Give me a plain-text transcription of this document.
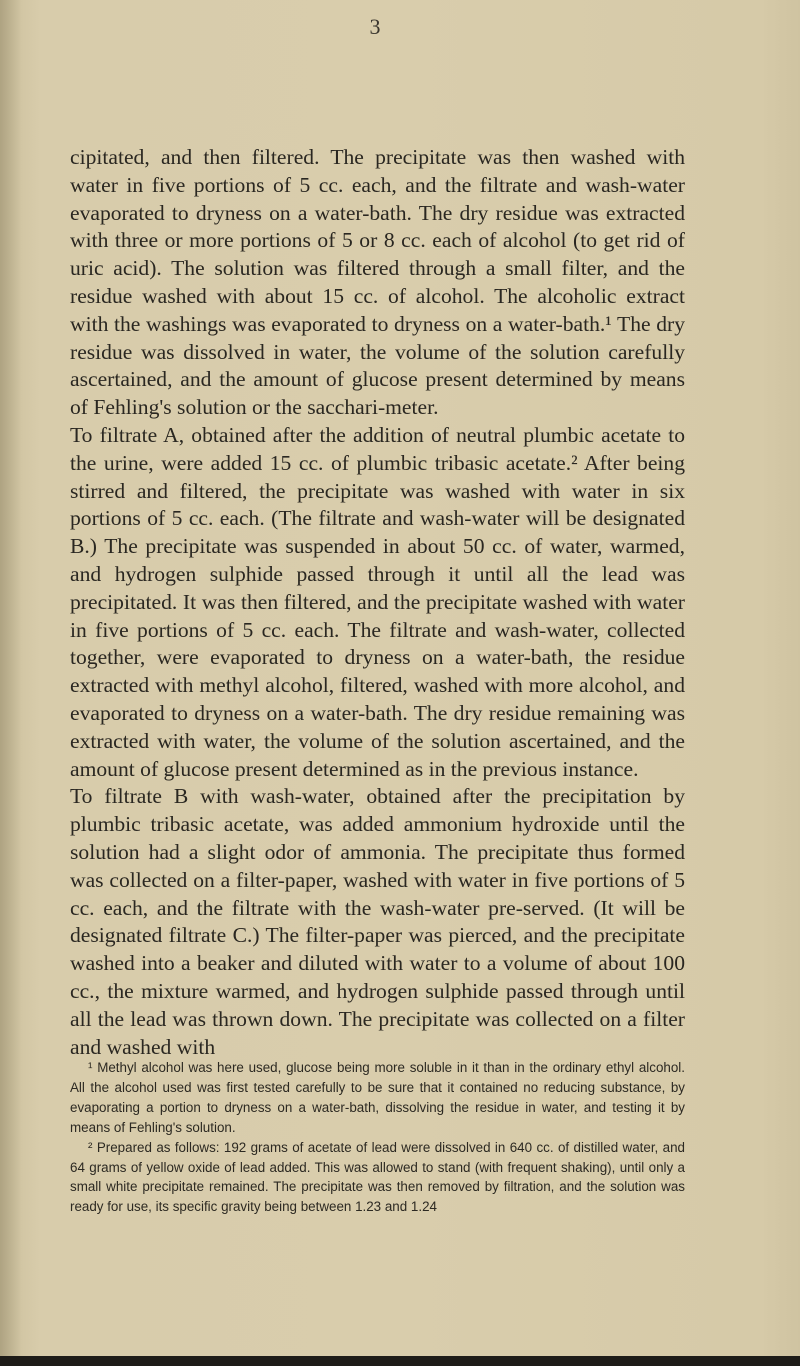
3

cipitated, and then filtered. The precipitate was then washed with water in five portions of 5 cc. each, and the filtrate and wash-water evaporated to dryness on a water-bath. The dry residue was extracted with three or more portions of 5 or 8 cc. each of alcohol (to get rid of uric acid). The solution was filtered through a small filter, and the residue washed with about 15 cc. of alcohol. The alcoholic extract with the washings was evaporated to dryness on a water-bath.¹ The dry residue was dissolved in water, the volume of the solution carefully ascertained, and the amount of glucose present determined by means of Fehling's solution or the sacchari-meter.

To filtrate A, obtained after the addition of neutral plumbic acetate to the urine, were added 15 cc. of plumbic tribasic acetate.² After being stirred and filtered, the precipitate was washed with water in six portions of 5 cc. each. (The filtrate and wash-water will be designated B.) The precipitate was suspended in about 50 cc. of water, warmed, and hydrogen sulphide passed through it until all the lead was precipitated. It was then filtered, and the precipitate washed with water in five portions of 5 cc. each. The filtrate and wash-water, collected together, were evaporated to dryness on a water-bath, the residue extracted with methyl alcohol, filtered, washed with more alcohol, and evaporated to dryness on a water-bath. The dry residue remaining was extracted with water, the volume of the solution ascertained, and the amount of glucose present determined as in the previous instance.

To filtrate B with wash-water, obtained after the precipitation by plumbic tribasic acetate, was added ammonium hydroxide until the solution had a slight odor of ammonia. The precipitate thus formed was collected on a filter-paper, washed with water in five portions of 5 cc. each, and the filtrate with the wash-water pre-served. (It will be designated filtrate C.) The filter-paper was pierced, and the precipitate washed into a beaker and diluted with water to a volume of about 100 cc., the mixture warmed, and hydrogen sulphide passed through until all the lead was thrown down. The precipitate was collected on a filter and washed with

¹ Methyl alcohol was here used, glucose being more soluble in it than in the ordinary ethyl alcohol. All the alcohol used was first tested carefully to be sure that it contained no reducing substance, by evaporating a portion to dryness on a water-bath, dissolving the residue in water, and testing it by means of Fehling's solution.

² Prepared as follows: 192 grams of acetate of lead were dissolved in 640 cc. of distilled water, and 64 grams of yellow oxide of lead added. This was allowed to stand (with frequent shaking), until only a small white precipitate remained. The precipitate was then removed by filtration, and the solution was ready for use, its specific gravity being between 1.23 and 1.24
